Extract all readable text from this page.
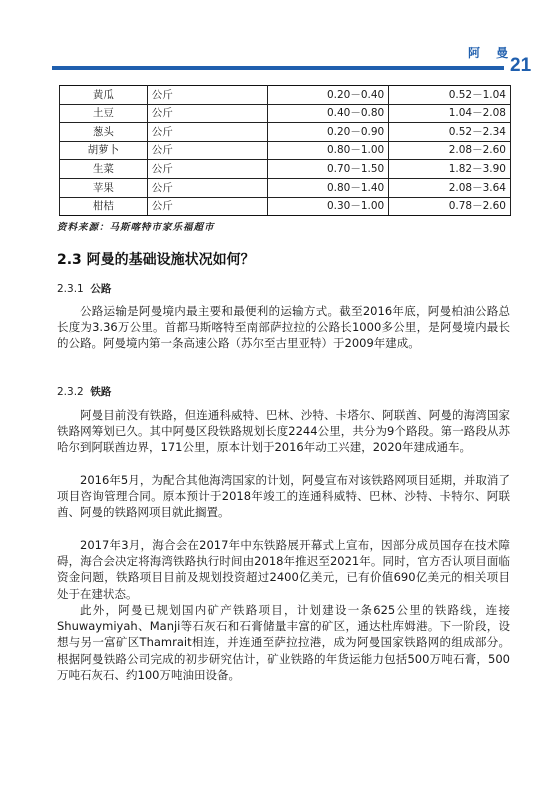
阿 曼
21
黄瓜	公斤	0.20－0.40	0.52－1.04
土豆	公斤	0.40－0.80	1.04－2.08
葱头	公斤	0.20－0.90	0.52－2.34
胡萝卜	公斤	0.80－1.00	2.08－2.60
生菜	公斤	0.70－1.50	1.82－3.90
苹果	公斤	0.80－1.40	2.08－3.64
柑桔	公斤	0.30－1.00	0.78－2.60
资料来源：马斯喀特市家乐福超市
2.3 阿曼的基础设施状况如何？
2.3.1 公路

公路运输是阿曼境内最主要和最便利的运输方式。截至2016年底，阿曼柏油公路总长度为3.36万公里。首都马斯喀特至南部萨拉拉的公路长1000多公里，是阿曼境内最长的公路。阿曼境内第一条高速公路（苏尔至古里亚特）于2009年建成。

2.3.2 铁路

阿曼目前没有铁路，但连通科威特、巴林、沙特、卡塔尔、阿联酋、阿曼的海湾国家铁路网筹划已久。其中阿曼区段铁路规划长度2244公里，共分为9个路段。第一路段从苏哈尔到阿联酋边界，171公里，原本计划于2016年动工兴建，2020年建成通车。

2016年5月，为配合其他海湾国家的计划，阿曼宣布对该铁路网项目延期，并取消了项目咨询管理合同。原本预计于2018年竣工的连通科威特、巴林、沙特、卡特尔、阿联酋、阿曼的铁路网项目就此搁置。

2017年3月，海合会在2017年中东铁路展开幕式上宣布，因部分成员国存在技术障碍，海合会决定将海湾铁路执行时间由2018年推迟至2021年。同时，官方否认项目面临资金问题，铁路项目目前及规划投资超过2400亿美元，已有价值690亿美元的相关项目处于在建状态。

此外，阿曼已规划国内矿产铁路项目，计划建设一条625公里的铁路线，连接Shuwaymiyah、Manji等石灰石和石膏储量丰富的矿区，通达杜库姆港。下一阶段，设想与另一富矿区Thamrait相连，并连通至萨拉拉港，成为阿曼国家铁路网的组成部分。根据阿曼铁路公司完成的初步研究估计，矿业铁路的年货运能力包括500万吨石膏，500万吨石灰石、约100万吨油田设备。
